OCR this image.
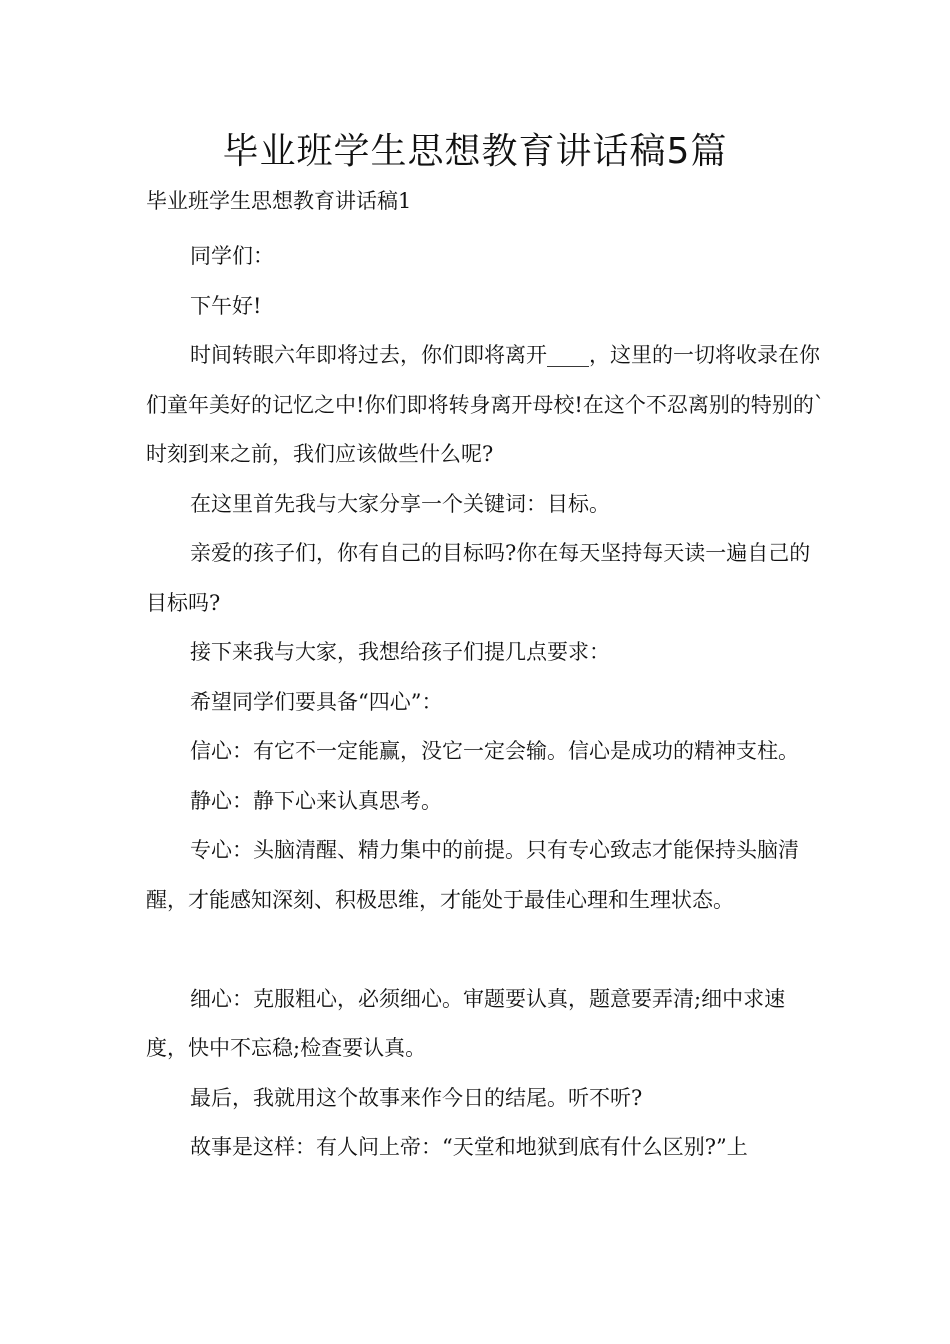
毕业班学生思想教育讲话稿5篇
毕业班学生思想教育讲话稿1

同学们：

下午好!

时间转眼六年即将过去，你们即将离开____，这里的一切将收录在你们童年美好的记忆之中!你们即将转身离开母校!在这个不忍离别的特别的`时刻到来之前，我们应该做些什么呢?

在这里首先我与大家分享一个关键词：目标。

亲爱的孩子们，你有自己的目标吗?你在每天坚持每天读一遍自己的目标吗?

接下来我与大家，我想给孩子们提几点要求：

希望同学们要具备“四心”：

信心：有它不一定能赢，没它一定会输。信心是成功的精神支柱。

静心：静下心来认真思考。

专心：头脑清醒、精力集中的前提。只有专心致志才能保持头脑清醒，才能感知深刻、积极思维，才能处于最佳心理和生理状态。

细心：克服粗心，必须细心。审题要认真，题意要弄清;细中求速度，快中不忘稳;检查要认真。

最后，我就用这个故事来作今日的结尾。听不听?

故事是这样：有人问上帝：“天堂和地狱到底有什么区别?”上
